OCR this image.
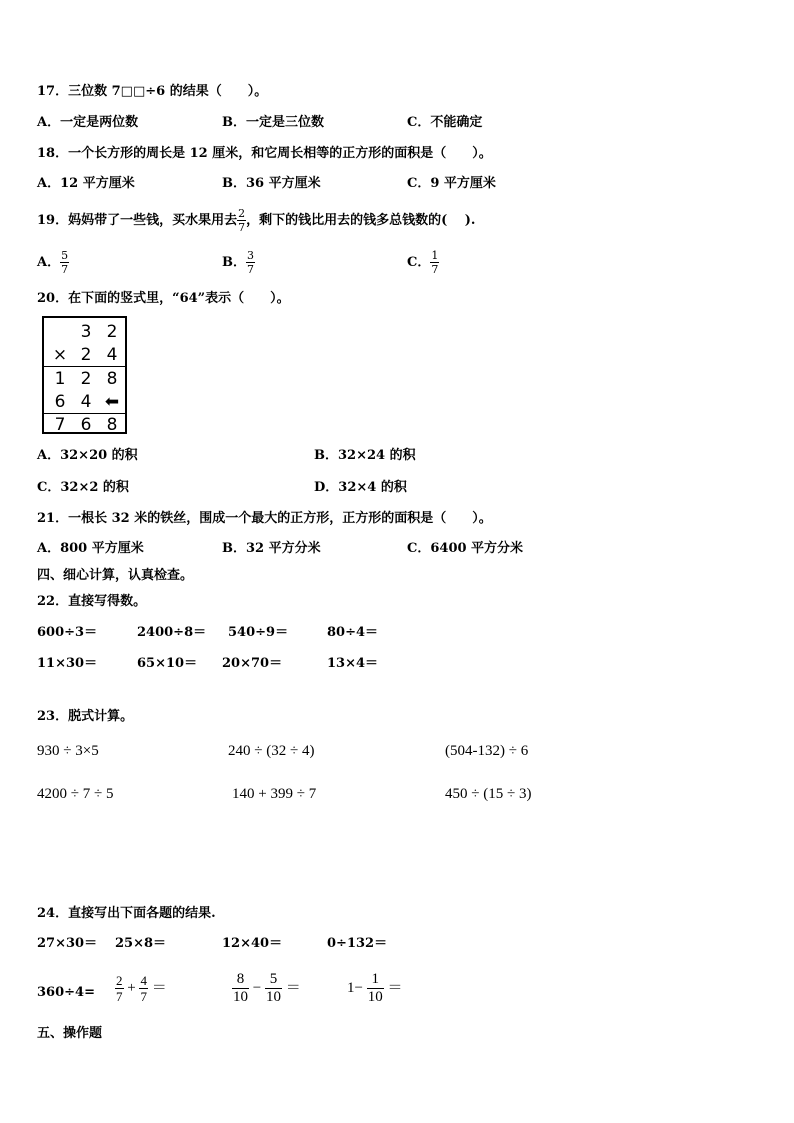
17．三位数 7□□÷6 的结果（　　）。
A．一定是两位数	B．一定是三位数	C．不能确定
18．一个长方形的周长是 12 厘米，和它周长相等的正方形的面积是（　　）。
A．12 平方厘米	B．36 平方厘米	C．9 平方厘米
19．妈妈带了一些钱，买水果用去 $\frac{2}{7}$ ，剩下的钱比用去的钱多总钱数的(　 ).
A． $\frac{5}{7}$	B． $\frac{3}{7}$	C． $\frac{1}{7}$
20．在下面的竖式里，“64”表示（　　）。
3 2
× 2 4
1 2 8
6 4 ⬅
7 6 8
A．32×20 的积	B．32×24 的积
C．32×2 的积	D．32×4 的积
21．一根长 32 米的铁丝，围成一个最大的正方形，正方形的面积是（　　）。
A．800 平方厘米	B．32 平方分米	C．6400 平方分米
四、细心计算，认真检查。
22．直接写得数。
600÷3＝	2400÷8＝ 540÷9＝	80÷4＝
11×30＝	65×10＝ 20×70＝	13×4＝
23．脱式计算。
930 ÷ 3×5	240 ÷ (32 ÷ 4)	(504-132) ÷ 6
4200 ÷ 7 ÷ 5	140 + 399 ÷ 7	450 ÷ (15 ÷ 3)
24．直接写出下面各题的结果.
27×30＝ 25×8＝	12×40＝	0÷132＝
$360\div 4= \frac{2}{7} + \frac{4}{7}$ ＝	$\frac{8}{10} - \frac{5}{10}$ ＝	$1- \frac{1}{10}$ ＝
五、操作题
